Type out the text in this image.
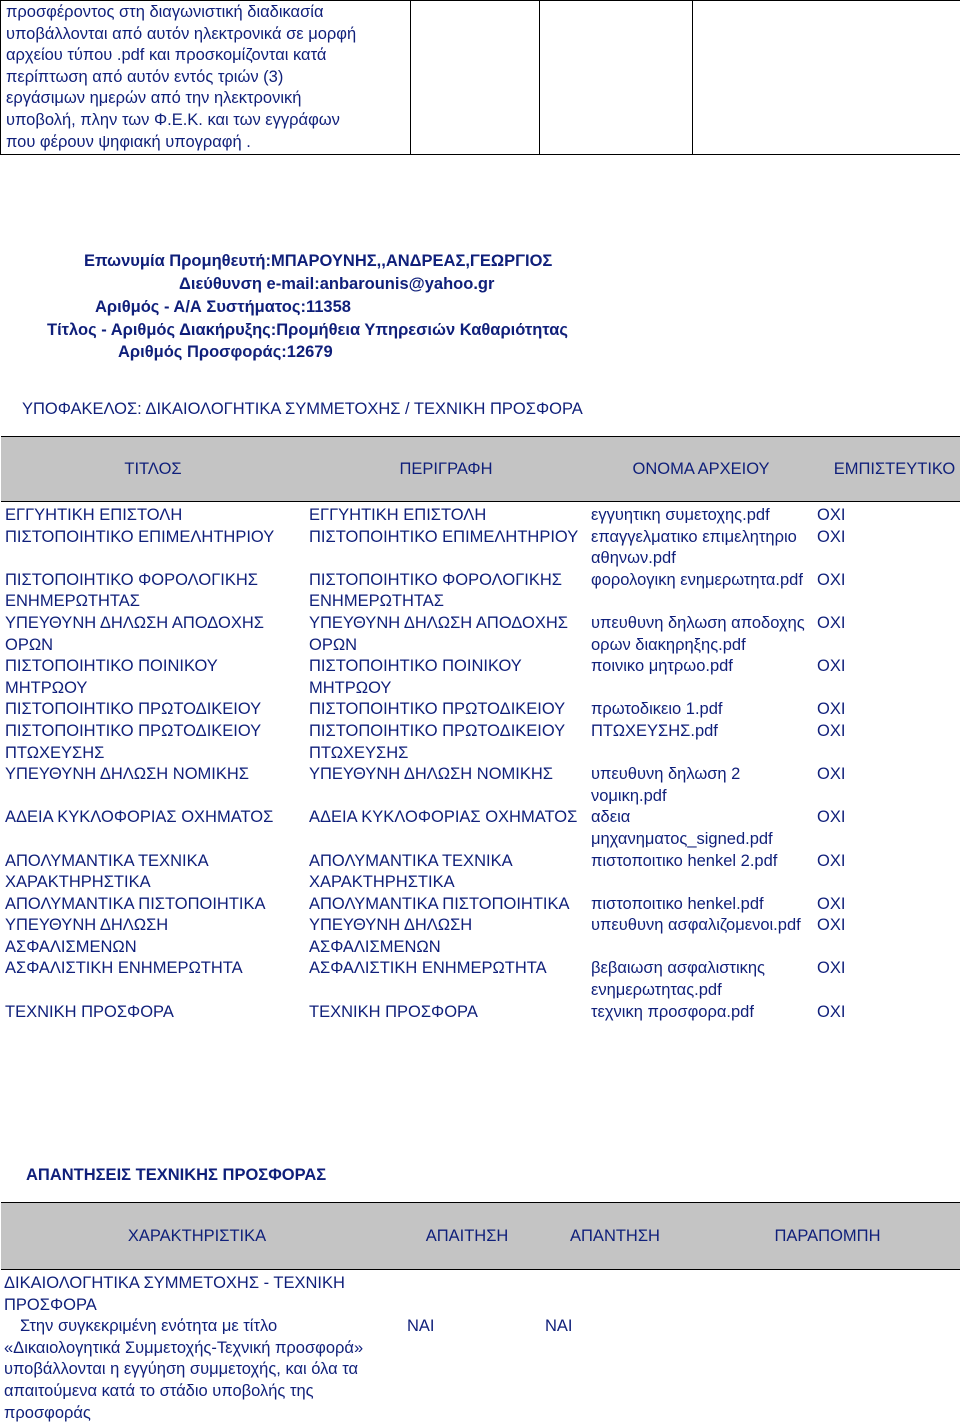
προσφέροντος στη διαγωνιστική διαδικασία
υποβάλλονται από αυτόν ηλεκτρονικά σε μορφή
αρχείου τύπου .pdf και προσκομίζονται κατά
περίπτωση από αυτόν εντός τριών (3)
εργάσιμων ημερών από την ηλεκτρονική
υποβολή, πλην των Φ.Ε.Κ. και των εγγράφων
που φέρουν ψηφιακή υπογραφή .

Επωνυμία Προμηθευτή:ΜΠΑΡΟΥΝΗΣ,,ΑΝΔΡΕΑΣ,ΓΕΩΡΓΙΟΣ
Διεύθυνση e-mail:anbarounis@yahoo.gr
Αριθμός - Α/Α Συστήματος:11358
Τίτλος - Αριθμός Διακήρυξης:Προμήθεια Υπηρεσιών Καθαριότητας
Αριθμός Προσφοράς:12679
ΥΠΟΦΑΚΕΛΟΣ: ΔΙΚΑΙΟΛΟΓΗΤΙΚΑ ΣΥΜΜΕΤΟΧΗΣ / ΤΕΧΝΙΚΗ ΠΡΟΣΦΟΡΑ
ΤΙΤΛΟΣ	ΠΕΡΙΓΡΑΦΗ	ΟΝΟΜΑ ΑΡΧΕΙΟΥ	ΕΜΠΙΣΤΕΥΤΙΚΟ

ΕΓΓΥΗΤΙΚΗ ΕΠΙΣΤΟΛΗ	ΕΓΓΥΗΤΙΚΗ ΕΠΙΣΤΟΛΗ	εγγυητικη συμετοχης.pdf	ΟΧΙ
ΠΙΣΤΟΠΟΙΗΤΙΚΟ ΕΠΙΜΕΛΗΤΗΡΙΟΥ	ΠΙΣΤΟΠΟΙΗΤΙΚΟ ΕΠΙΜΕΛΗΤΗΡΙΟΥ	επαγγελματικο επιμελητηριο αθηνων.pdf	ΟΧΙ
ΠΙΣΤΟΠΟΙΗΤΙΚΟ ΦΟΡΟΛΟΓΙΚΗΣ ΕΝΗΜΕΡΩΤΗΤΑΣ	ΠΙΣΤΟΠΟΙΗΤΙΚΟ ΦΟΡΟΛΟΓΙΚΗΣ ΕΝΗΜΕΡΩΤΗΤΑΣ	φορολογικη ενημερωτητα.pdf	ΟΧΙ
ΥΠΕΥΘΥΝΗ ΔΗΛΩΣΗ ΑΠΟΔΟΧΗΣ ΟΡΩΝ	ΥΠΕΥΘΥΝΗ ΔΗΛΩΣΗ ΑΠΟΔΟΧΗΣ ΟΡΩΝ	υπευθυνη δηλωση αποδοχης ορων διακηρηξης.pdf	ΟΧΙ
ΠΙΣΤΟΠΟΙΗΤΙΚΟ ΠΟΙΝΙΚΟΥ ΜΗΤΡΩΟΥ	ΠΙΣΤΟΠΟΙΗΤΙΚΟ ΠΟΙΝΙΚΟΥ ΜΗΤΡΩΟΥ	ποινικο μητρωο.pdf	ΟΧΙ
ΠΙΣΤΟΠΟΙΗΤΙΚΟ ΠΡΩΤΟΔΙΚΕΙΟΥ	ΠΙΣΤΟΠΟΙΗΤΙΚΟ ΠΡΩΤΟΔΙΚΕΙΟΥ	πρωτοδικειο 1.pdf	ΟΧΙ
ΠΙΣΤΟΠΟΙΗΤΙΚΟ ΠΡΩΤΟΔΙΚΕΙΟΥ ΠΤΩΧΕΥΣΗΣ	ΠΙΣΤΟΠΟΙΗΤΙΚΟ ΠΡΩΤΟΔΙΚΕΙΟΥ ΠΤΩΧΕΥΣΗΣ	ΠΤΩΧΕΥΣΗΣ.pdf	ΟΧΙ
ΥΠΕΥΘΥΝΗ ΔΗΛΩΣΗ ΝΟΜΙΚΗΣ	ΥΠΕΥΘΥΝΗ ΔΗΛΩΣΗ ΝΟΜΙΚΗΣ	υπευθυνη δηλωση 2 νομικη.pdf	ΟΧΙ
ΑΔΕΙΑ ΚΥΚΛΟΦΟΡΙΑΣ ΟΧΗΜΑΤΟΣ	ΑΔΕΙΑ ΚΥΚΛΟΦΟΡΙΑΣ ΟΧΗΜΑΤΟΣ	αδεια μηχανηματος_signed.pdf	ΟΧΙ
ΑΠΟΛΥΜΑΝΤΙΚΑ ΤΕΧΝΙΚΑ ΧΑΡΑΚΤΗΡΗΣΤΙΚΑ	ΑΠΟΛΥΜΑΝΤΙΚΑ ΤΕΧΝΙΚΑ ΧΑΡΑΚΤΗΡΗΣΤΙΚΑ	πιστοποιτικο henkel 2.pdf	ΟΧΙ
ΑΠΟΛΥΜΑΝΤΙΚΑ ΠΙΣΤΟΠΟΙΗΤΙΚΑ	ΑΠΟΛΥΜΑΝΤΙΚΑ ΠΙΣΤΟΠΟΙΗΤΙΚΑ	πιστοποιτικο henkel.pdf	ΟΧΙ
ΥΠΕΥΘΥΝΗ ΔΗΛΩΣΗ ΑΣΦΑΛΙΣΜΕΝΩΝ	ΥΠΕΥΘΥΝΗ ΔΗΛΩΣΗ ΑΣΦΑΛΙΣΜΕΝΩΝ	υπευθυνη ασφαλιζομενοι.pdf	ΟΧΙ
ΑΣΦΑΛΙΣΤΙΚΗ ΕΝΗΜΕΡΩΤΗΤΑ	ΑΣΦΑΛΙΣΤΙΚΗ ΕΝΗΜΕΡΩΤΗΤΑ	βεβαιωση ασφαλιστικης ενημερωτητας.pdf	ΟΧΙ
ΤΕΧΝΙΚΗ ΠΡΟΣΦΟΡΑ	ΤΕΧΝΙΚΗ ΠΡΟΣΦΟΡΑ	τεχνικη προσφορα.pdf	ΟΧΙ
ΑΠΑΝΤΗΣΕΙΣ ΤΕΧΝΙΚΗΣ ΠΡΟΣΦΟΡΑΣ
ΧΑΡΑΚΤΗΡΙΣΤΙΚΑ	ΑΠΑΙΤΗΣΗ	ΑΠΑΝΤΗΣΗ	ΠΑΡΑΠΟΜΠΗ

ΔΙΚΑΙΟΛΟΓΗΤΙΚΑ ΣΥΜΜΕΤΟΧΗΣ - ΤΕΧΝΙΚΗ ΠΡΟΣΦΟΡΑ			

Στην συγκεκριμένη ενότητα με τίτλο «Δικαιολογητικά Συμμετοχής-Τεχνική προσφορά» υποβάλλονται η εγγύηση συμμετοχής, και όλα τα απαιτούμενα κατά το στάδιο υποβολής της προσφοράς	ΝΑΙ	ΝΑΙ	
